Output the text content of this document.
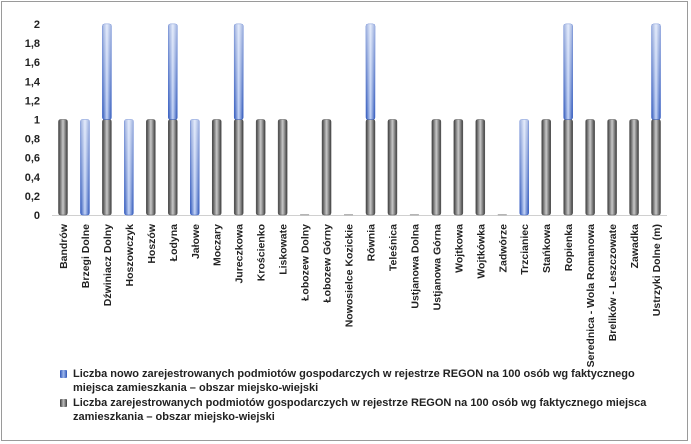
0
0,2
0,4
0,6
0,8
1
1,2
1,4
1,6
1,8
2
Bandrów Brzegi Dolne Dźwiniacz Dolny Hoszowczyk Hoszów Łodyna Jałowe Moczary Jureczkowa Krościenko Liskowate Łobozew Dolny Łobozew Górny Nowosielce Kozickie Równia Teleśnica Ustjanowa Dolna Ustjanowa Górna Wojtkowa Wojtkówka Zadwórze Trzcianiec Stańkowa Ropienka Serednica - Wola Romanowa Brelików - Leszczowate Zawadka Ustrzyki Dolne (m)
Liczba nowo zarejestrowanych podmiotów gospodarczych w rejestrze REGON na 100 osób wg faktycznego miejsca zamieszkania – obszar miejsko-wiejski
Liczba zarejestrowanych podmiotów gospodarczych w rejestrze REGON na 100 osób wg faktycznego miejsca zamieszkania – obszar miejsko-wiejski
